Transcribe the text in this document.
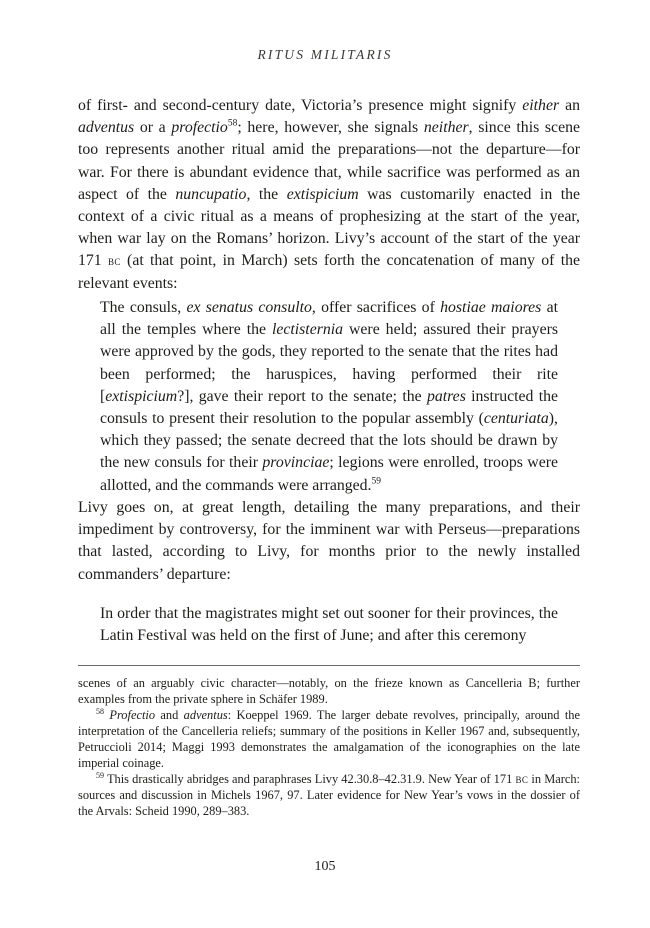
RITUS MILITARIS

of first- and second-century date, Victoria’s presence might signify either an adventus or a profectio$^{58}$; here, however, she signals neither, since this scene too represents another ritual amid the preparations—not the departure—for war. For there is abundant evidence that, while sacrifice was performed as an aspect of the nuncupatio, the extispicium was customarily enacted in the context of a civic ritual as a means of prophesizing at the start of the year, when war lay on the Romans’ horizon. Livy’s account of the start of the year 171 bc (at that point, in March) sets forth the concatenation of many of the relevant events:

The consuls, ex senatus consulto, offer sacrifices of hostiae maiores at all the temples where the lectisternia were held; assured their prayers were approved by the gods, they reported to the senate that the rites had been performed; the haruspices, having performed their rite [extispicium?], gave their report to the senate; the patres instructed the consuls to present their resolution to the popular assembly (centuriata), which they passed; the senate decreed that the lots should be drawn by the new consuls for their provinciae; legions were enrolled, troops were allotted, and the commands were arranged.$^{59}$

Livy goes on, at great length, detailing the many preparations, and their impediment by controversy, for the imminent war with Perseus—preparations that lasted, according to Livy, for months prior to the newly installed commanders’ departure:

In order that the magistrates might set out sooner for their provinces, the Latin Festival was held on the first of June; and after this ceremony

scenes of an arguably civic character—notably, on the frieze known as Cancelleria B; further examples from the private sphere in Schäfer 1989.

$^{58}$ Profectio and adventus: Koeppel 1969. The larger debate revolves, principally, around the interpretation of the Cancelleria reliefs; summary of the positions in Keller 1967 and, subsequently, Petruccioli 2014; Maggi 1993 demonstrates the amalgamation of the iconographies on the late imperial coinage.

$^{59}$ This drastically abridges and paraphrases Livy 42.30.8–42.31.9. New Year of 171 bc in March: sources and discussion in Michels 1967, 97. Later evidence for New Year’s vows in the dossier of the Arvals: Scheid 1990, 289–383.

105
